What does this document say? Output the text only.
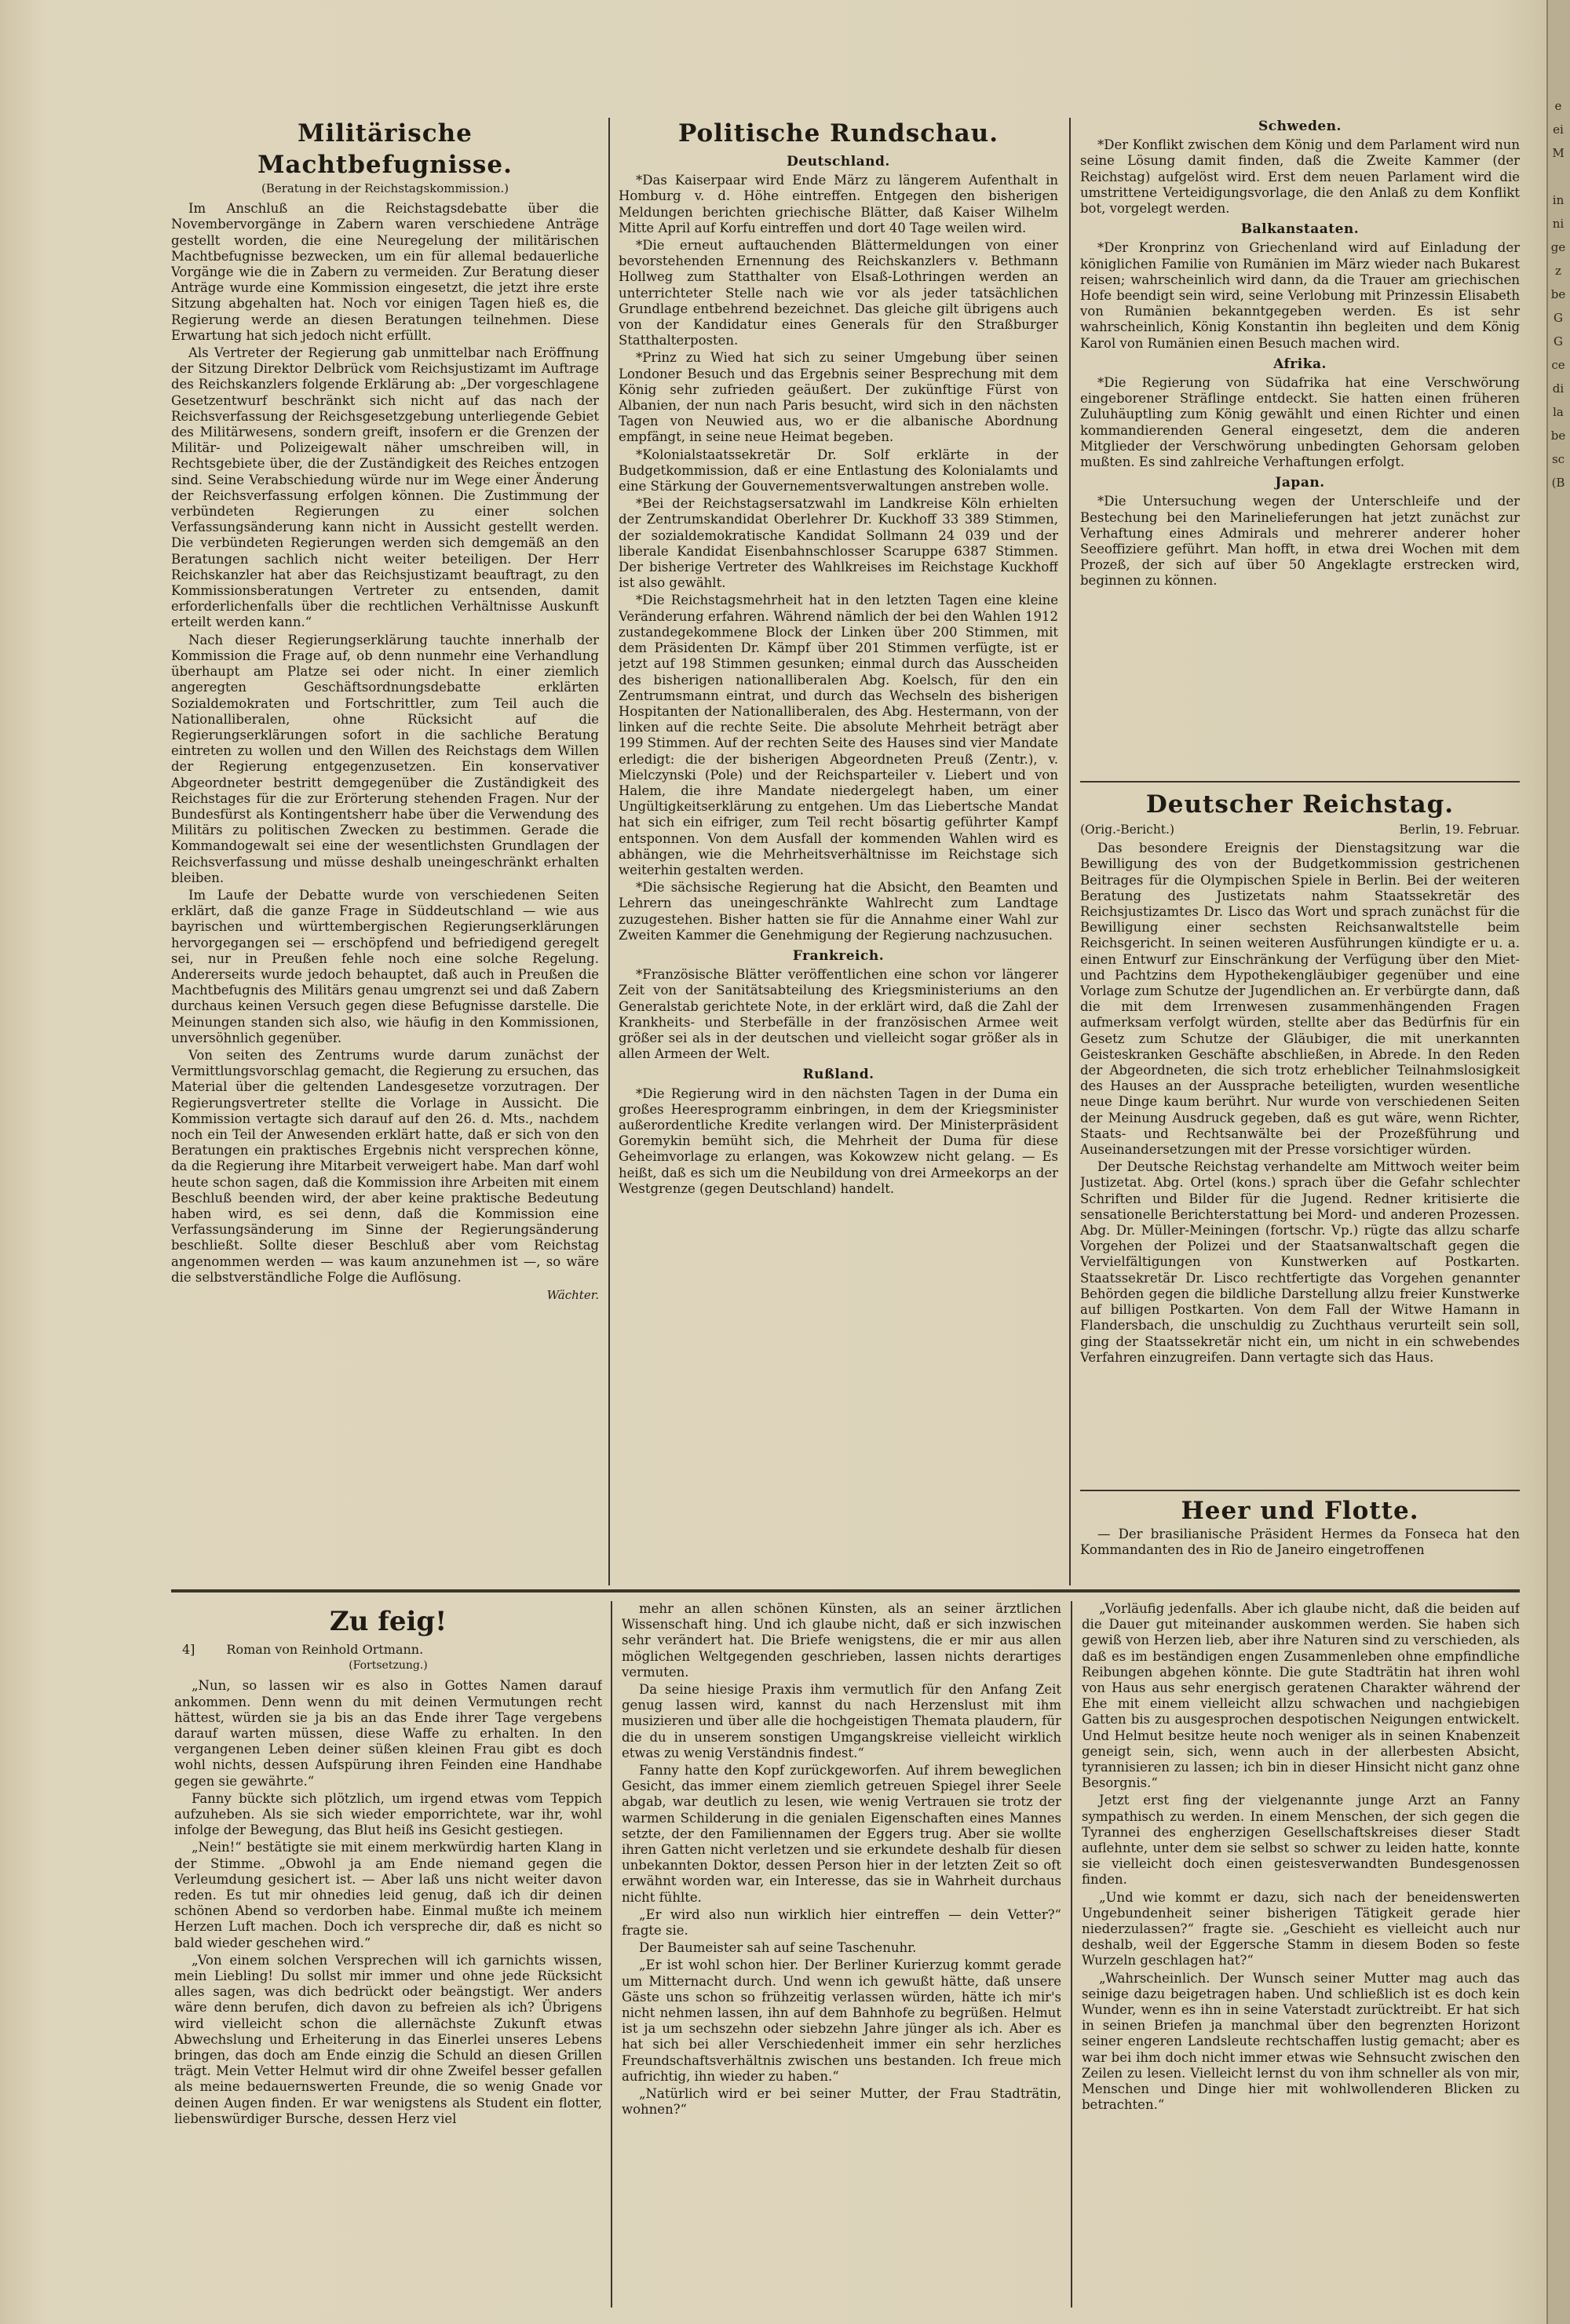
Militärische Machtbefugnisse.
(Beratung in der Reichstagskommission.)

Im Anschluß an die Reichstagsdebatte über die Novembervorgänge in Zabern waren verschiedene Anträge gestellt worden, die eine Neuregelung der militärischen Machtbefugnisse bezwecken, um ein für allemal bedauerliche Vorgänge wie die in Zabern zu vermeiden. Zur Beratung dieser Anträge wurde eine Kommission eingesetzt, die jetzt ihre erste Sitzung abgehalten hat. Noch vor einigen Tagen hieß es, die Regierung werde an diesen Beratungen teilnehmen. Diese Erwartung hat sich jedoch nicht erfüllt.

Als Vertreter der Regierung gab unmittelbar nach Eröffnung der Sitzung Direktor Delbrück vom Reichsjustizamt im Auftrage des Reichskanzlers folgende Erklärung ab: „Der vorgeschlagene Gesetzentwurf beschränkt sich nicht auf das nach der Reichsverfassung der Reichsgesetzgebung unterliegende Gebiet des Militärwesens, sondern greift, insofern er die Grenzen der Militär- und Polizeigewalt näher umschreiben will, in Rechtsgebiete über, die der Zuständigkeit des Reiches entzogen sind. Seine Verabschiedung würde nur im Wege einer Änderung der Reichsverfassung erfolgen können. Die Zustimmung der verbündeten Regierungen zu einer solchen Verfassungsänderung kann nicht in Aussicht gestellt werden. Die verbündeten Regierungen werden sich demgemäß an den Beratungen sachlich nicht weiter beteiligen. Der Herr Reichskanzler hat aber das Reichsjustizamt beauftragt, zu den Kommissionsberatungen Vertreter zu entsenden, damit erforderlichenfalls über die rechtlichen Verhältnisse Auskunft erteilt werden kann.“

Nach dieser Regierungserklärung tauchte innerhalb der Kommission die Frage auf, ob denn nunmehr eine Verhandlung überhaupt am Platze sei oder nicht. In einer ziemlich angeregten Geschäftsordnungsdebatte erklärten Sozialdemokraten und Fortschrittler, zum Teil auch die Nationalliberalen, ohne Rücksicht auf die Regierungserklärungen sofort in die sachliche Beratung eintreten zu wollen und den Willen des Reichstags dem Willen der Regierung entgegenzusetzen. Ein konservativer Abgeordneter bestritt demgegenüber die Zuständigkeit des Reichstages für die zur Erörterung stehenden Fragen. Nur der Bundesfürst als Kontingentsherr habe über die Verwendung des Militärs zu politischen Zwecken zu bestimmen. Gerade die Kommandogewalt sei eine der wesentlichsten Grundlagen der Reichsverfassung und müsse deshalb uneingeschränkt erhalten bleiben.

Im Laufe der Debatte wurde von verschiedenen Seiten erklärt, daß die ganze Frage in Süddeutschland — wie aus bayrischen und württembergischen Regierungserklärungen hervorgegangen sei — erschöpfend und befriedigend geregelt sei, nur in Preußen fehle noch eine solche Regelung. Andererseits wurde jedoch behauptet, daß auch in Preußen die Machtbefugnis des Militärs genau umgrenzt sei und daß Zabern durchaus keinen Versuch gegen diese Befugnisse darstelle. Die Meinungen standen sich also, wie häufig in den Kommissionen, unversöhnlich gegenüber.

Von seiten des Zentrums wurde darum zunächst der Vermittlungsvorschlag gemacht, die Regierung zu ersuchen, das Material über die geltenden Landesgesetze vorzutragen. Der Regierungsvertreter stellte die Vorlage in Aussicht. Die Kommission vertagte sich darauf auf den 26. d. Mts., nachdem noch ein Teil der Anwesenden erklärt hatte, daß er sich von den Beratungen ein praktisches Ergebnis nicht versprechen könne, da die Regierung ihre Mitarbeit verweigert habe. Man darf wohl heute schon sagen, daß die Kommission ihre Arbeiten mit einem Beschluß beenden wird, der aber keine praktische Bedeutung haben wird, es sei denn, daß die Kommission eine Verfassungsänderung im Sinne der Regierungsänderung beschließt. Sollte dieser Beschluß aber vom Reichstag angenommen werden — was kaum anzunehmen ist —, so wäre die selbstverständliche Folge die Auflösung.

Wächter.
Politische Rundschau.
Deutschland.

*Das Kaiserpaar wird Ende März zu längerem Aufenthalt in Homburg v. d. Höhe eintreffen. Entgegen den bisherigen Meldungen berichten griechische Blätter, daß Kaiser Wilhelm Mitte April auf Korfu eintreffen und dort 40 Tage weilen wird.

*Die erneut auftauchenden Blättermeldungen von einer bevorstehenden Ernennung des Reichskanzlers v. Bethmann Hollweg zum Statthalter von Elsaß-Lothringen werden an unterrichteter Stelle nach wie vor als jeder tatsächlichen Grundlage entbehrend bezeichnet. Das gleiche gilt übrigens auch von der Kandidatur eines Generals für den Straßburger Statthalterposten.

*Prinz zu Wied hat sich zu seiner Umgebung über seinen Londoner Besuch und das Ergebnis seiner Besprechung mit dem König sehr zufrieden geäußert. Der zukünftige Fürst von Albanien, der nun nach Paris besucht, wird sich in den nächsten Tagen von Neuwied aus, wo er die albanische Abordnung empfängt, in seine neue Heimat begeben.

*Kolonialstaatssekretär Dr. Solf erklärte in der Budgetkommission, daß er eine Entlastung des Kolonialamts und eine Stärkung der Gouvernementsverwaltungen anstreben wolle.

*Bei der Reichstagsersatzwahl im Landkreise Köln erhielten der Zentrumskandidat Oberlehrer Dr. Kuckhoff 33 389 Stimmen, der sozialdemokratische Kandidat Sollmann 24 039 und der liberale Kandidat Eisenbahnschlosser Scaruppe 6387 Stimmen. Der bisherige Vertreter des Wahlkreises im Reichstage Kuckhoff ist also gewählt.

*Die Reichstagsmehrheit hat in den letzten Tagen eine kleine Veränderung erfahren. Während nämlich der bei den Wahlen 1912 zustandegekommene Block der Linken über 200 Stimmen, mit dem Präsidenten Dr. Kämpf über 201 Stimmen verfügte, ist er jetzt auf 198 Stimmen gesunken; einmal durch das Ausscheiden des bisherigen nationalliberalen Abg. Koelsch, für den ein Zentrumsmann eintrat, und durch das Wechseln des bisherigen Hospitanten der Nationalliberalen, des Abg. Hestermann, von der linken auf die rechte Seite. Die absolute Mehrheit beträgt aber 199 Stimmen. Auf der rechten Seite des Hauses sind vier Mandate erledigt: die der bisherigen Abgeordneten Preuß (Zentr.), v. Mielczynski (Pole) und der Reichsparteiler v. Liebert und von Halem, die ihre Mandate niedergelegt haben, um einer Ungültigkeitserklärung zu entgehen. Um das Liebertsche Mandat hat sich ein eifriger, zum Teil recht bösartig geführter Kampf entsponnen. Von dem Ausfall der kommenden Wahlen wird es abhängen, wie die Mehrheitsverhältnisse im Reichstage sich weiterhin gestalten werden.

*Die sächsische Regierung hat die Absicht, den Beamten und Lehrern das uneingeschränkte Wahlrecht zum Landtage zuzugestehen. Bisher hatten sie für die Annahme einer Wahl zur Zweiten Kammer die Genehmigung der Regierung nachzusuchen.

Frankreich.

*Französische Blätter veröffentlichen eine schon vor längerer Zeit von der Sanitätsabteilung des Kriegsministeriums an den Generalstab gerichtete Note, in der erklärt wird, daß die Zahl der Krankheits- und Sterbefälle in der französischen Armee weit größer sei als in der deutschen und vielleicht sogar größer als in allen Armeen der Welt.

Rußland.

*Die Regierung wird in den nächsten Tagen in der Duma ein großes Heeresprogramm einbringen, in dem der Kriegsminister außerordentliche Kredite verlangen wird. Der Ministerpräsident Goremykin bemüht sich, die Mehrheit der Duma für diese Geheimvorlage zu erlangen, was Kokowzew nicht gelang. — Es heißt, daß es sich um die Neubildung von drei Armeekorps an der Westgrenze (gegen Deutschland) handelt.

Schweden.

*Der Konflikt zwischen dem König und dem Parlament wird nun seine Lösung damit finden, daß die Zweite Kammer (der Reichstag) aufgelöst wird. Erst dem neuen Parlament wird die umstrittene Verteidigungsvorlage, die den Anlaß zu dem Konflikt bot, vorgelegt werden.

Balkanstaaten.

*Der Kronprinz von Griechenland wird auf Einladung der königlichen Familie von Rumänien im März wieder nach Bukarest reisen; wahrscheinlich wird dann, da die Trauer am griechischen Hofe beendigt sein wird, seine Verlobung mit Prinzessin Elisabeth von Rumänien bekanntgegeben werden. Es ist sehr wahrscheinlich, König Konstantin ihn begleiten und dem König Karol von Rumänien einen Besuch machen wird.

Afrika.

*Die Regierung von Südafrika hat eine Verschwörung eingeborener Sträflinge entdeckt. Sie hatten einen früheren Zuluhäuptling zum König gewählt und einen Richter und einen kommandierenden General eingesetzt, dem die anderen Mitglieder der Verschwörung unbedingten Gehorsam geloben mußten. Es sind zahlreiche Verhaftungen erfolgt.

Japan.

*Die Untersuchung wegen der Unterschleife und der Bestechung bei den Marinelieferungen hat jetzt zunächst zur Verhaftung eines Admirals und mehrerer anderer hoher Seeoffiziere geführt. Man hofft, in etwa drei Wochen mit dem Prozeß, der sich auf über 50 Angeklagte erstrecken wird, beginnen zu können.

Deutscher Reichstag.
(Orig.-Bericht.)	Berlin, 19. Februar.

Das besondere Ereignis der Dienstagsitzung war die Bewilligung des von der Budgetkommission gestrichenen Beitrages für die Olympischen Spiele in Berlin. Bei der weiteren Beratung des Justizetats nahm Staatssekretär des Reichsjustizamtes Dr. Lisco das Wort und sprach zunächst für die Bewilligung einer sechsten Reichsanwaltstelle beim Reichsgericht. In seinen weiteren Ausführungen kündigte er u. a. einen Entwurf zur Einschränkung der Verfügung über den Miet- und Pachtzins dem Hypothekengläubiger gegenüber und eine Vorlage zum Schutze der Jugendlichen an. Er verbürgte dann, daß die mit dem Irrenwesen zusammenhängenden Fragen aufmerksam verfolgt würden, stellte aber das Bedürfnis für ein Gesetz zum Schutze der Gläubiger, die mit unerkannten Geisteskranken Geschäfte abschließen, in Abrede. In den Reden der Abgeordneten, die sich trotz erheblicher Teilnahmslosigkeit des Hauses an der Aussprache beteiligten, wurden wesentliche neue Dinge kaum berührt. Nur wurde von verschiedenen Seiten der Meinung Ausdruck gegeben, daß es gut wäre, wenn Richter, Staats- und Rechtsanwälte bei der Prozeßführung und Auseinandersetzungen mit der Presse vorsichtiger würden.

Der Deutsche Reichstag verhandelte am Mittwoch weiter beim Justizetat. Abg. Ortel (kons.) sprach über die Gefahr schlechter Schriften und Bilder für die Jugend. Redner kritisierte die sensationelle Berichterstattung bei Mord- und anderen Prozessen. Abg. Dr. Müller-Meiningen (fortschr. Vp.) rügte das allzu scharfe Vorgehen der Polizei und der Staatsanwaltschaft gegen die Vervielfältigungen von Kunstwerken auf Postkarten. Staatssekretär Dr. Lisco rechtfertigte das Vorgehen genannter Behörden gegen die bildliche Darstellung allzu freier Kunstwerke auf billigen Postkarten. Von dem Fall der Witwe Hamann in Flandersbach, die unschuldig zu Zuchthaus verurteilt sein soll, ging der Staatssekretär nicht ein, um nicht in ein schwebendes Verfahren einzugreifen. Dann vertagte sich das Haus.

Heer und Flotte.

— Der brasilianische Präsident Hermes da Fonseca hat den Kommandanten des in Rio de Janeiro eingetroffenen

Zu feig!
4]	Roman von Reinhold Ortmann.
(Fortsetzung.)

„Nun, so lassen wir es also in Gottes Namen darauf ankommen. Denn wenn du mit deinen Vermutungen recht hättest, würden sie ja bis an das Ende ihrer Tage vergebens darauf warten müssen, diese Waffe zu erhalten. In den vergangenen Leben deiner süßen kleinen Frau gibt es doch wohl nichts, dessen Aufspürung ihren Feinden eine Handhabe gegen sie gewährte.“

Fanny bückte sich plötzlich, um irgend etwas vom Teppich aufzuheben. Als sie sich wieder emporrichtete, war ihr, wohl infolge der Bewegung, das Blut heiß ins Gesicht gestiegen.

„Nein!“ bestätigte sie mit einem merkwürdig harten Klang in der Stimme. „Obwohl ja am Ende niemand gegen die Verleumdung gesichert ist. — Aber laß uns nicht weiter davon reden. Es tut mir ohnedies leid genug, daß ich dir deinen schönen Abend so verdorben habe. Einmal mußte ich meinem Herzen Luft machen. Doch ich verspreche dir, daß es nicht so bald wieder geschehen wird.“

„Von einem solchen Versprechen will ich garnichts wissen, mein Liebling! Du sollst mir immer und ohne jede Rücksicht alles sagen, was dich bedrückt oder beängstigt. Wer anders wäre denn berufen, dich davon zu befreien als ich? Übrigens wird vielleicht schon die allernächste Zukunft etwas Abwechslung und Erheiterung in das Einerlei unseres Lebens bringen, das doch am Ende einzig die Schuld an diesen Grillen trägt. Mein Vetter Helmut wird dir ohne Zweifel besser gefallen als meine bedauernswerten Freunde, die so wenig Gnade vor deinen Augen finden. Er war wenigstens als Student ein flotter, liebenswürdiger Bursche, dessen Herz viel

mehr an allen schönen Künsten, als an seiner ärztlichen Wissenschaft hing. Und ich glaube nicht, daß er sich inzwischen sehr verändert hat. Die Briefe wenigstens, die er mir aus allen möglichen Weltgegenden geschrieben, lassen nichts derartiges vermuten.

Da seine hiesige Praxis ihm vermutlich für den Anfang Zeit genug lassen wird, kannst du nach Herzenslust mit ihm musizieren und über alle die hochgeistigen Themata plaudern, für die du in unserem sonstigen Umgangskreise vielleicht wirklich etwas zu wenig Verständnis findest.“

Fanny hatte den Kopf zurückgeworfen. Auf ihrem beweglichen Gesicht, das immer einem ziemlich getreuen Spiegel ihrer Seele abgab, war deutlich zu lesen, wie wenig Vertrauen sie trotz der warmen Schilderung in die genialen Eigenschaften eines Mannes setzte, der den Familiennamen der Eggers trug. Aber sie wollte ihren Gatten nicht verletzen und sie erkundete deshalb für diesen unbekannten Doktor, dessen Person hier in der letzten Zeit so oft erwähnt worden war, ein Interesse, das sie in Wahrheit durchaus nicht fühlte.

„Er wird also nun wirklich hier eintreffen — dein Vetter?“ fragte sie.

Der Baumeister sah auf seine Taschenuhr.

„Er ist wohl schon hier. Der Berliner Kurierzug kommt gerade um Mitternacht durch. Und wenn ich gewußt hätte, daß unsere Gäste uns schon so frühzeitig verlassen würden, hätte ich mir's nicht nehmen lassen, ihn auf dem Bahnhofe zu begrüßen. Helmut ist ja um sechszehn oder siebzehn Jahre jünger als ich. Aber es hat sich bei aller Verschiedenheit immer ein sehr herzliches Freundschaftsverhältnis zwischen uns bestanden. Ich freue mich aufrichtig, ihn wieder zu haben.“

„Natürlich wird er bei seiner Mutter, der Frau Stadträtin, wohnen?“

„Vorläufig jedenfalls. Aber ich glaube nicht, daß die beiden auf die Dauer gut miteinander auskommen werden. Sie haben sich gewiß von Herzen lieb, aber ihre Naturen sind zu verschieden, als daß es im beständigen engen Zusammenleben ohne empfindliche Reibungen abgehen könnte. Die gute Stadträtin hat ihren wohl von Haus aus sehr energisch geratenen Charakter während der Ehe mit einem vielleicht allzu schwachen und nachgiebigen Gatten bis zu ausgesprochen despotischen Neigungen entwickelt. Und Helmut besitze heute noch weniger als in seinen Knabenzeit geneigt sein, sich, wenn auch in der allerbesten Absicht, tyrannisieren zu lassen; ich bin in dieser Hinsicht nicht ganz ohne Besorgnis.“

Jetzt erst fing der vielgenannte junge Arzt an Fanny sympathisch zu werden. In einem Menschen, der sich gegen die Tyrannei des engherzigen Gesellschaftskreises dieser Stadt auflehnte, unter dem sie selbst so schwer zu leiden hatte, konnte sie vielleicht doch einen geistesverwandten Bundesgenossen finden.

„Und wie kommt er dazu, sich nach der beneidenswerten Ungebundenheit seiner bisherigen Tätigkeit gerade hier niederzulassen?“ fragte sie. „Geschieht es vielleicht auch nur deshalb, weil der Eggersche Stamm in diesem Boden so feste Wurzeln geschlagen hat?“

„Wahrscheinlich. Der Wunsch seiner Mutter mag auch das seinige dazu beigetragen haben. Und schließlich ist es doch kein Wunder, wenn es ihn in seine Vaterstadt zurücktreibt. Er hat sich in seinen Briefen ja manchmal über den begrenzten Horizont seiner engeren Landsleute rechtschaffen lustig gemacht; aber es war bei ihm doch nicht immer etwas wie Sehnsucht zwischen den Zeilen zu lesen. Vielleicht lernst du von ihm schneller als von mir, Menschen und Dinge hier mit wohlwollenderen Blicken zu betrachten.“

e
ei
M

in
ni
ge
z
be
G
G
ce
di
la
be
sc
(B
